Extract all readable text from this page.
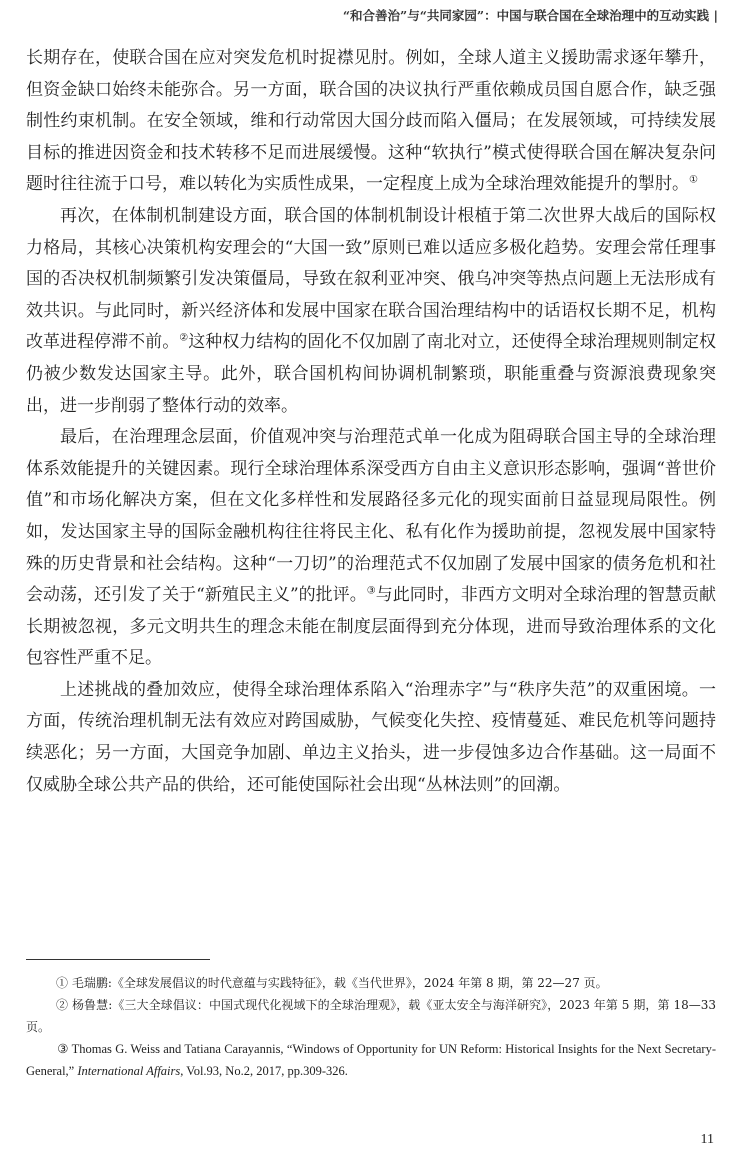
“和合善治”与“共同家园”：中国与联合国在全球治理中的互动实践 |

长期存在，使联合国在应对突发危机时捉襟见肘。例如，全球人道主义援助需求逐年攀升，但资金缺口始终未能弥合。另一方面，联合国的决议执行严重依赖成员国自愿合作，缺乏强制性约束机制。在安全领域，维和行动常因大国分歧而陷入僵局；在发展领域，可持续发展目标的推进因资金和技术转移不足而进展缓慢。这种“软执行”模式使得联合国在解决复杂问题时往往流于口号，难以转化为实质性成果，一定程度上成为全球治理效能提升的掣肘。①

再次，在体制机制建设方面，联合国的体制机制设计根植于第二次世界大战后的国际权力格局，其核心决策机构安理会的“大国一致”原则已难以适应多极化趋势。安理会常任理事国的否决权机制频繁引发决策僵局，导致在叙利亚冲突、俄乌冲突等热点问题上无法形成有效共识。与此同时，新兴经济体和发展中国家在联合国治理结构中的话语权长期不足，机构改革进程停滞不前。②这种权力结构的固化不仅加剧了南北对立，还使得全球治理规则制定权仍被少数发达国家主导。此外，联合国机构间协调机制繁琐，职能重叠与资源浪费现象突出，进一步削弱了整体行动的效率。

最后，在治理理念层面，价值观冲突与治理范式单一化成为阻碍联合国主导的全球治理体系效能提升的关键因素。现行全球治理体系深受西方自由主义意识形态影响，强调“普世价值”和市场化解决方案，但在文化多样性和发展路径多元化的现实面前日益显现局限性。例如，发达国家主导的国际金融机构往往将民主化、私有化作为援助前提，忽视发展中国家特殊的历史背景和社会结构。这种“一刀切”的治理范式不仅加剧了发展中国家的债务危机和社会动荡，还引发了关于“新殖民主义”的批评。③与此同时，非西方文明对全球治理的智慧贡献长期被忽视，多元文明共生的理念未能在制度层面得到充分体现，进而导致治理体系的文化包容性严重不足。

上述挑战的叠加效应，使得全球治理体系陷入“治理赤字”与“秩序失范”的双重困境。一方面，传统治理机制无法有效应对跨国威胁，气候变化失控、疫情蔓延、难民危机等问题持续恶化；另一方面，大国竞争加剧、单边主义抬头，进一步侵蚀多边合作基础。这一局面不仅威胁全球公共产品的供给，还可能使国际社会出现“丛林法则”的回潮。

① 毛瑞鹏:《全球发展倡议的时代意蕴与实践特征》，载《当代世界》，2024 年第 8 期，第 22—27 页。

② 杨鲁慧:《三大全球倡议：中国式现代化视域下的全球治理观》，载《亚太安全与海洋研究》，2023 年第 5 期，第 18—33 页。

③ Thomas G. Weiss and Tatiana Carayannis, “Windows of Opportunity for UN Reform: Historical Insights for the Next Secretary-General,” International Affairs, Vol.93, No.2, 2017, pp.309-326.

11
